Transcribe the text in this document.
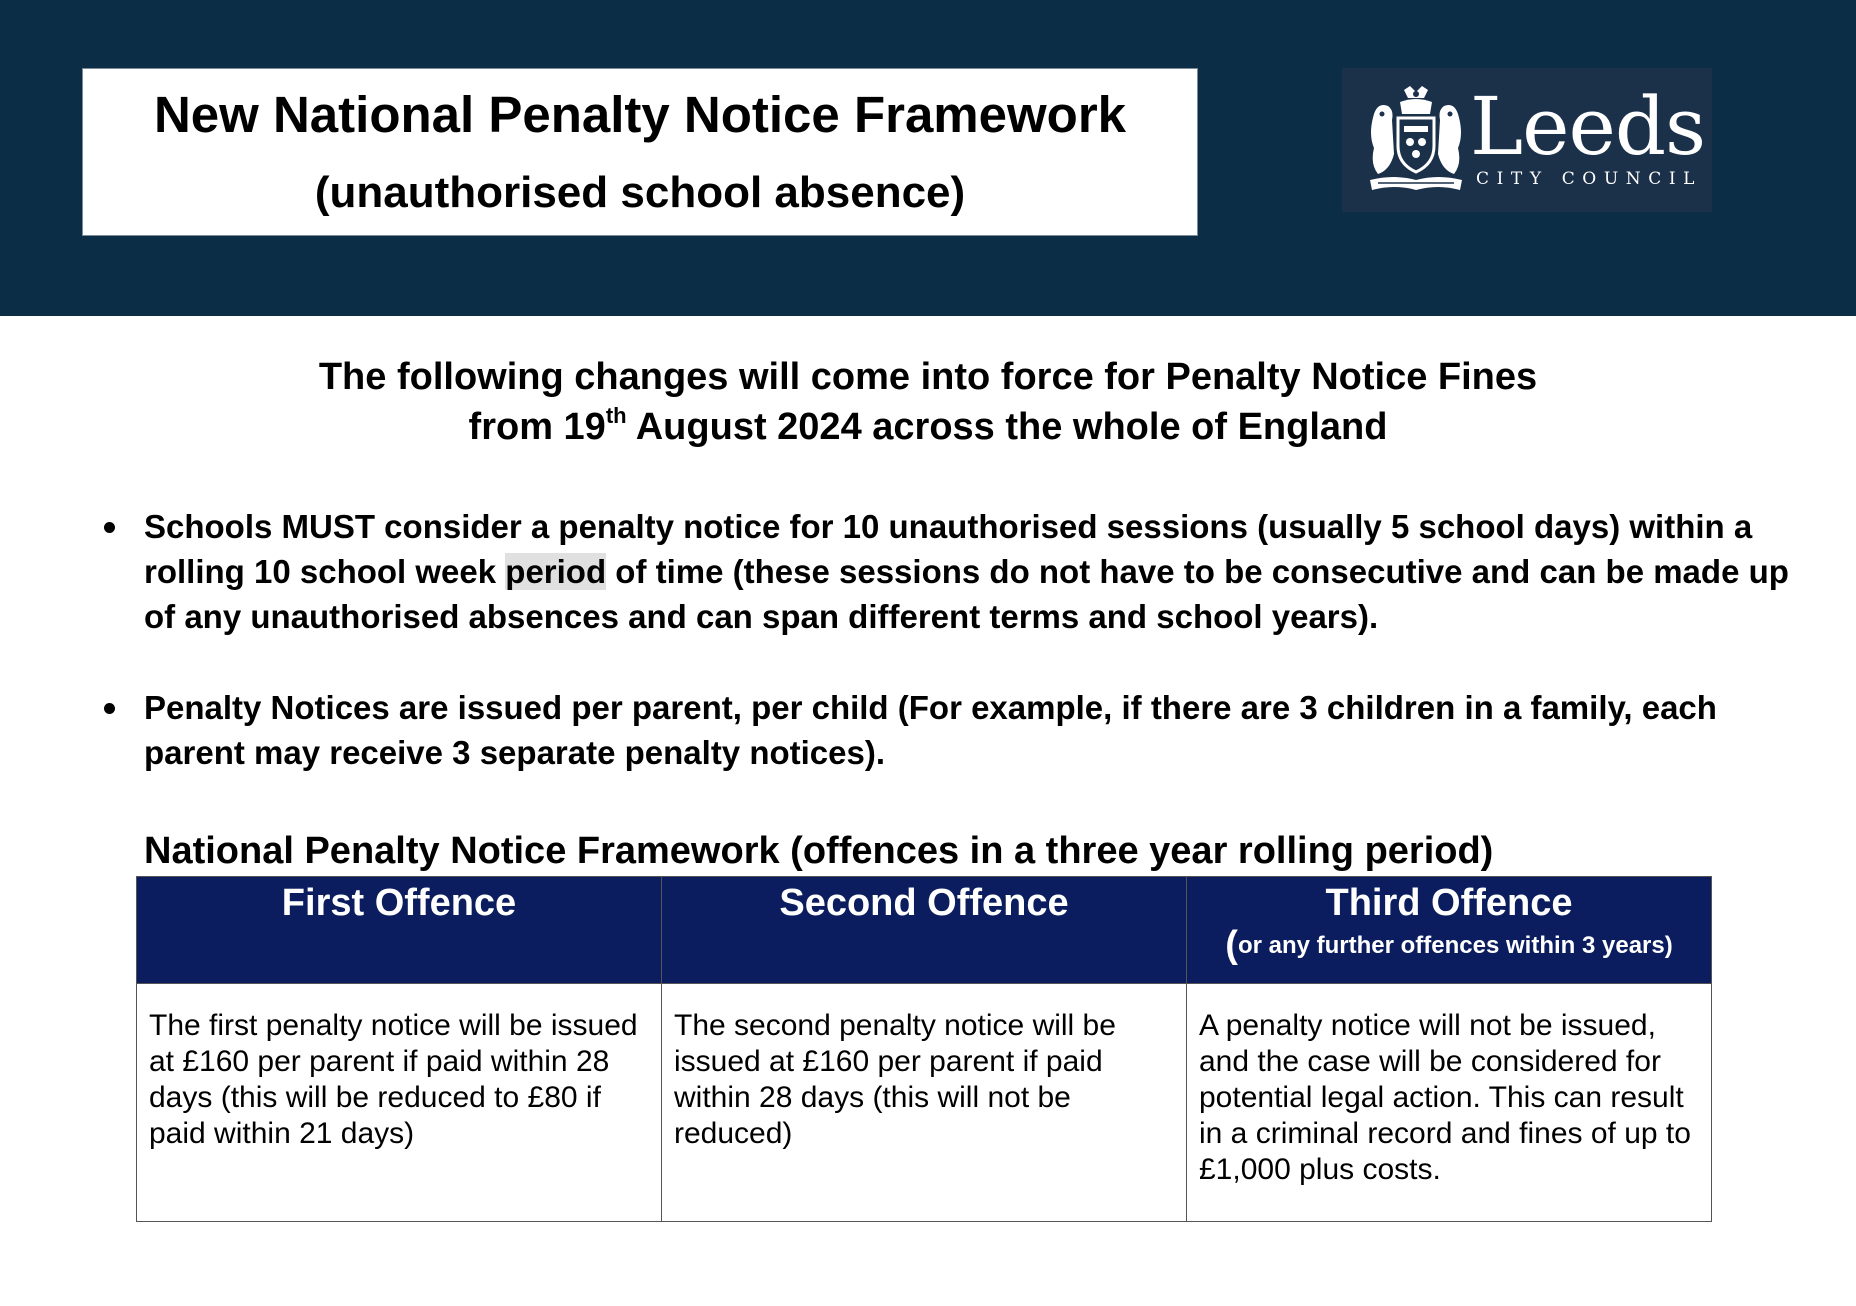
New National Penalty Notice Framework
(unauthorised school absence)
Leeds
CITY COUNCIL
The following changes will come into force for Penalty Notice Fines
from 19th August 2024 across the whole of England
Schools MUST consider a penalty notice for 10 unauthorised sessions (usually 5 school days) within a rolling 10 school week period of time (these sessions do not have to be consecutive and can be made up of any unauthorised absences and can span different terms and school years).
Penalty Notices are issued per parent, per child (For example, if there are 3 children in a family, each parent may receive 3 separate penalty notices).
National Penalty Notice Framework (offences in a three year rolling period)
First Offence	Second Offence	Third Offence
(or any further offences within 3 years)

The first penalty notice will be issued at £160 per parent if paid within 28 days (this will be reduced to £80 if paid within 21 days)	The second penalty notice will be issued at £160 per parent if paid within 28 days (this will not be reduced)	A penalty notice will not be issued, and the case will be considered for potential legal action. This can result in a criminal record and fines of up to £1,000 plus costs.
